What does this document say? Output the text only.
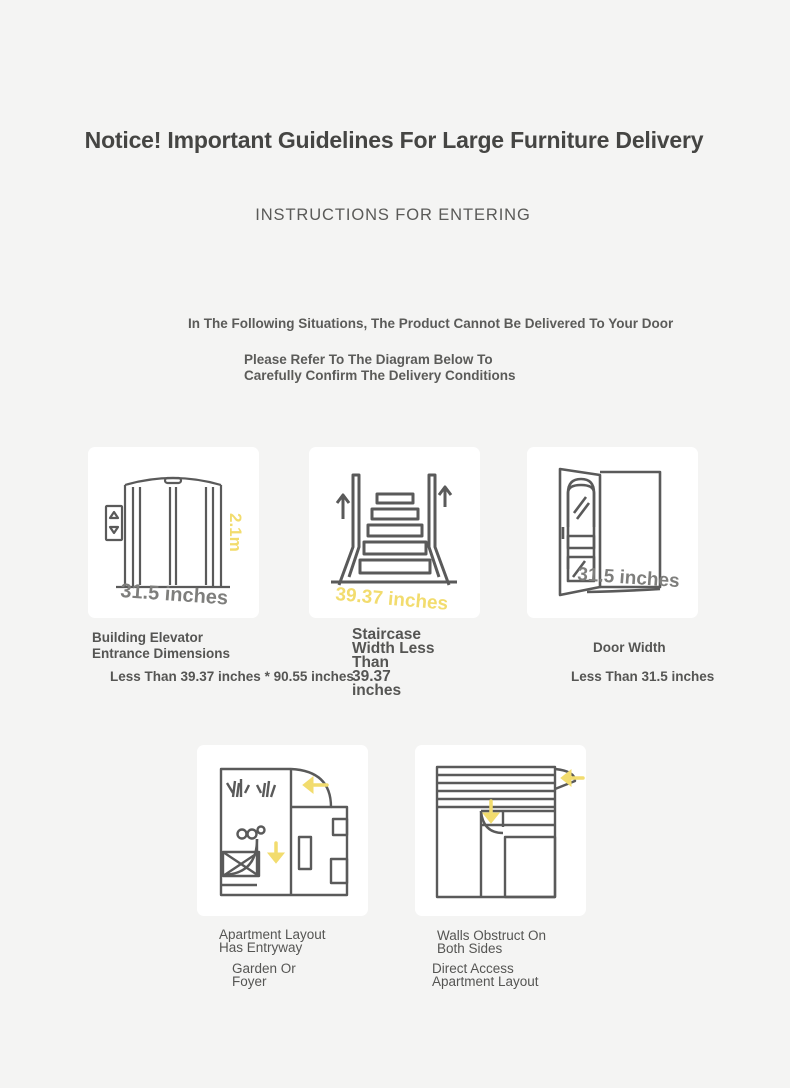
Notice! Important Guidelines For Large Furniture Delivery
INSTRUCTIONS FOR ENTERING
In The Following Situations, The Product Cannot Be Delivered To Your Door
Please Refer To The Diagram Below To
Carefully Confirm The Delivery Conditions
2.1m
31.5 inches
Building Elevator
Entrance Dimensions
Less Than 39.37 inches * 90.55 inches
39.37 inches
Staircase
Width Less
Than
39.37
inches
31.5 inches
Door Width
Less Than 31.5 inches
Apartment Layout
Has Entryway
Garden Or
Foyer
Walls Obstruct On
Both Sides
Direct Access
Apartment Layout
